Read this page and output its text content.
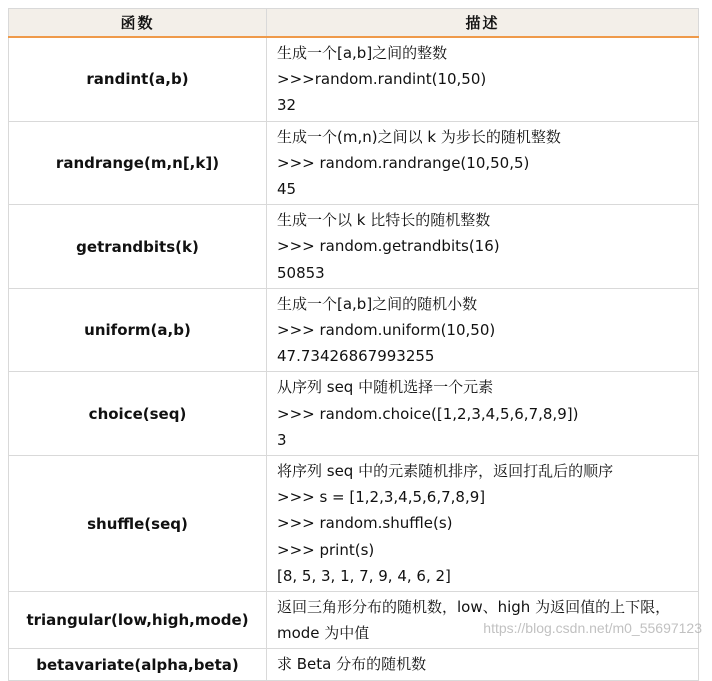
函数	描述
randint(a,b)	生成一个[a,b]之间的整数
>>>random.randint(10,50)
32

randrange(m,n[,k])	生成一个(m,n)之间以 k 为步长的随机整数
>>> random.randrange(10,50,5)
45

getrandbits(k)	生成一个以 k 比特长的随机整数
>>> random.getrandbits(16)
50853

uniform(a,b)	生成一个[a,b]之间的随机小数
>>> random.uniform(10,50)
47.73426867993255

choice(seq)	从序列 seq 中随机选择一个元素
>>> random.choice([1,2,3,4,5,6,7,8,9])
3

shuffle(seq)	将序列 seq 中的元素随机排序，返回打乱后的顺序
>>> s = [1,2,3,4,5,6,7,8,9]
>>> random.shuffle(s)
>>> print(s)
[8, 5, 3, 1, 7, 9, 4, 6, 2]

triangular(low,high,mode)	返回三角形分布的随机数，low、high 为返回值的上下限，mode 为中值

betavariate(alpha,beta)	求 Beta 分布的随机数
https://blog.csdn.net/m0_55697123
